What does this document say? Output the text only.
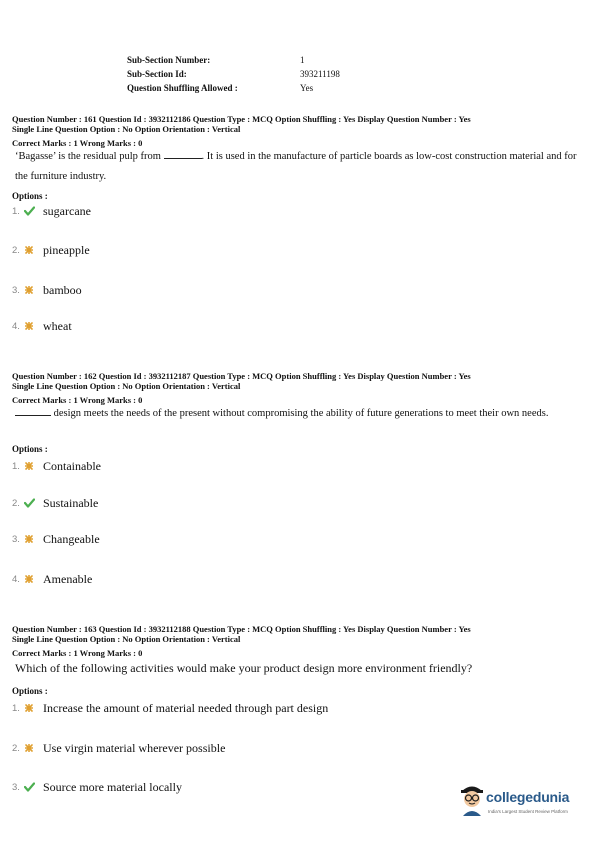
Sub-Section Number:	1
Sub-Section Id:	393211198
Question Shuffling Allowed :	Yes
Question Number : 161 Question Id : 3932112186 Question Type : MCQ Option Shuffling : Yes Display Question Number : Yes
Single Line Question Option : No Option Orientation : Vertical
Correct Marks : 1 Wrong Marks : 0
‘Bagasse’ is the residual pulp from	. It is used in the manufacture of particle boards as low-cost construction material and for the furniture industry.
Options :
1. sugarcane
2. pineapple
3. bamboo
4. wheat
Question Number : 162 Question Id : 3932112187 Question Type : MCQ Option Shuffling : Yes Display Question Number : Yes
Single Line Question Option : No Option Orientation : Vertical
Correct Marks : 1 Wrong Marks : 0
design meets the needs of the present without compromising the ability of future generations to meet their own needs.
Options :
1. Containable
2. Sustainable
3. Changeable
4. Amenable
Question Number : 163 Question Id : 3932112188 Question Type : MCQ Option Shuffling : Yes Display Question Number : Yes
Single Line Question Option : No Option Orientation : Vertical
Correct Marks : 1 Wrong Marks : 0
Which of the following activities would make your product design more environment friendly?
Options :
1. Increase the amount of material needed through part design
2. Use virgin material wherever possible
3. Source more material locally
collegedunia
India's Largest Student Review Platform
